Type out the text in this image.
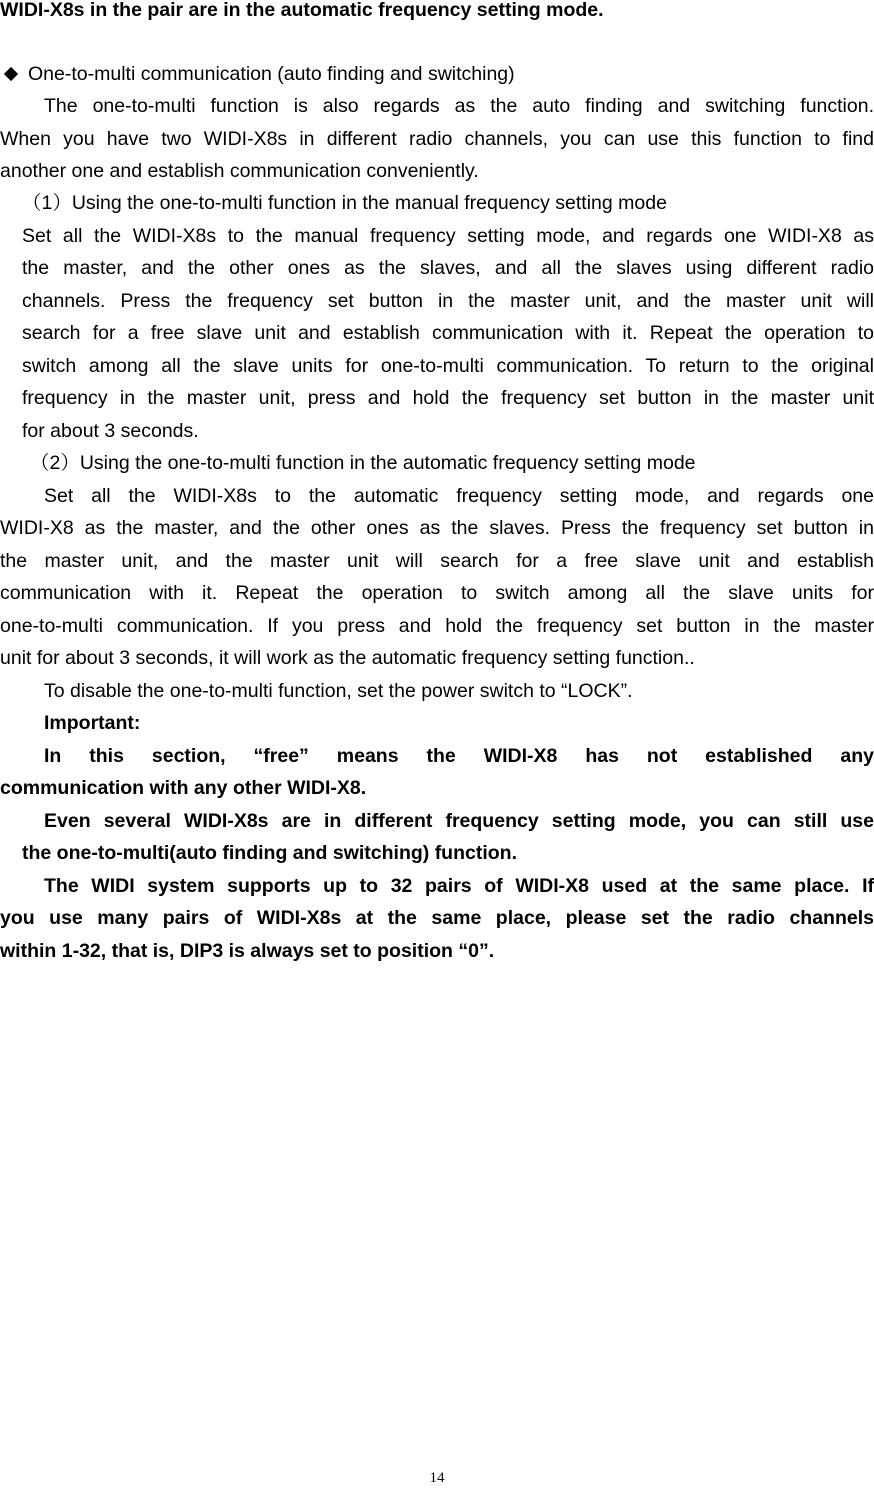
WIDI-X8s in the pair are in the automatic frequency setting mode.
One-to-multi communication (auto finding and switching)
The one-to-multi function is also regards as the auto finding and switching function.
When you have two WIDI-X8s in different radio channels, you can use this function to find
another one and establish communication conveniently.
（1）Using the one-to-multi function in the manual frequency setting mode
Set all the WIDI-X8s to the manual frequency setting mode, and regards one WIDI-X8 as
the master, and the other ones as the slaves, and all the slaves using different radio
channels. Press the frequency set button in the master unit, and the master unit will
search for a free slave unit and establish communication with it. Repeat the operation to
switch among all the slave units for one-to-multi communication. To return to the original
frequency in the master unit, press and hold the frequency set button in the master unit
for about 3 seconds.
（2）Using the one-to-multi function in the automatic frequency setting mode
Set all the WIDI-X8s to the automatic frequency setting mode, and regards one
WIDI-X8 as the master, and the other ones as the slaves. Press the frequency set button in
the master unit, and the master unit will search for a free slave unit and establish
communication with it. Repeat the operation to switch among all the slave units for
one-to-multi communication. If you press and hold the frequency set button in the master
unit for about 3 seconds, it will work as the automatic frequency setting function..
To disable the one-to-multi function, set the power switch to “LOCK”.
Important:
In this section, “free” means the WIDI-X8 has not established any
communication with any other WIDI-X8.
Even several WIDI-X8s are in different frequency setting mode, you can still use
the one-to-multi(auto finding and switching) function.
The WIDI system supports up to 32 pairs of WIDI-X8 used at the same place. If
you use many pairs of WIDI-X8s at the same place, please set the radio channels
within 1-32, that is, DIP3 is always set to position “0”.
14
